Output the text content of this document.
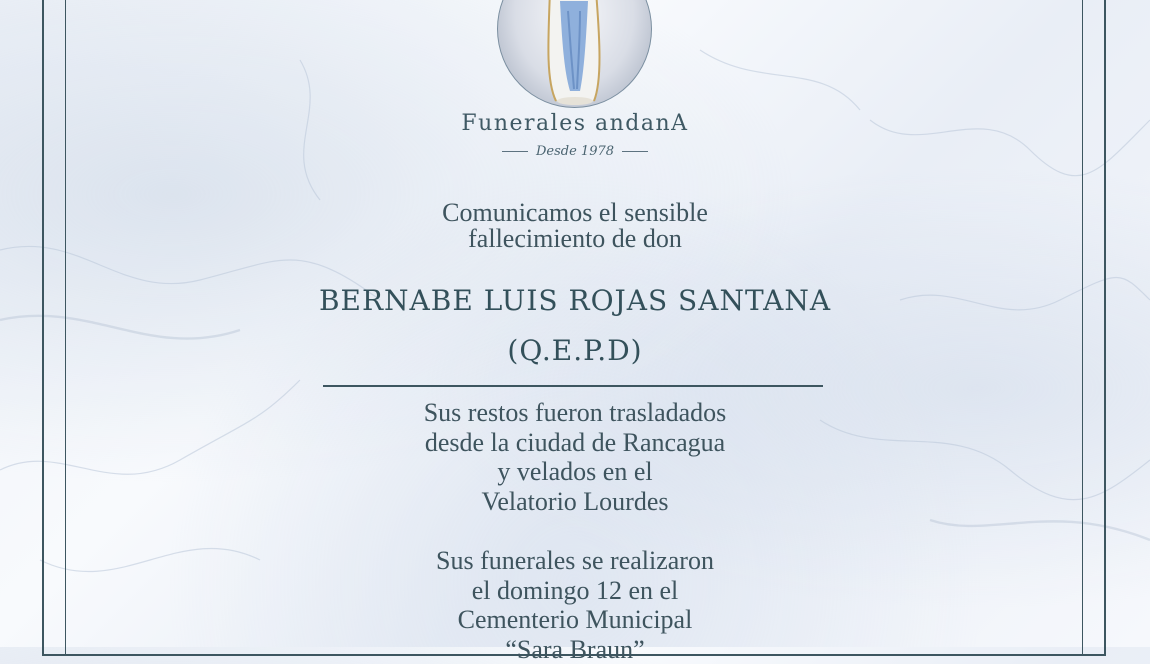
Funerales andanA
Desde 1978
Comunicamos el sensible
fallecimiento de don
BERNABE LUIS ROJAS SANTANA
(Q.E.P.D)
Sus restos fueron trasladados
desde la ciudad de Rancagua
y velados en el
Velatorio Lourdes
Sus funerales se realizaron
el domingo 12 en el
Cementerio Municipal
“Sara Braun”
